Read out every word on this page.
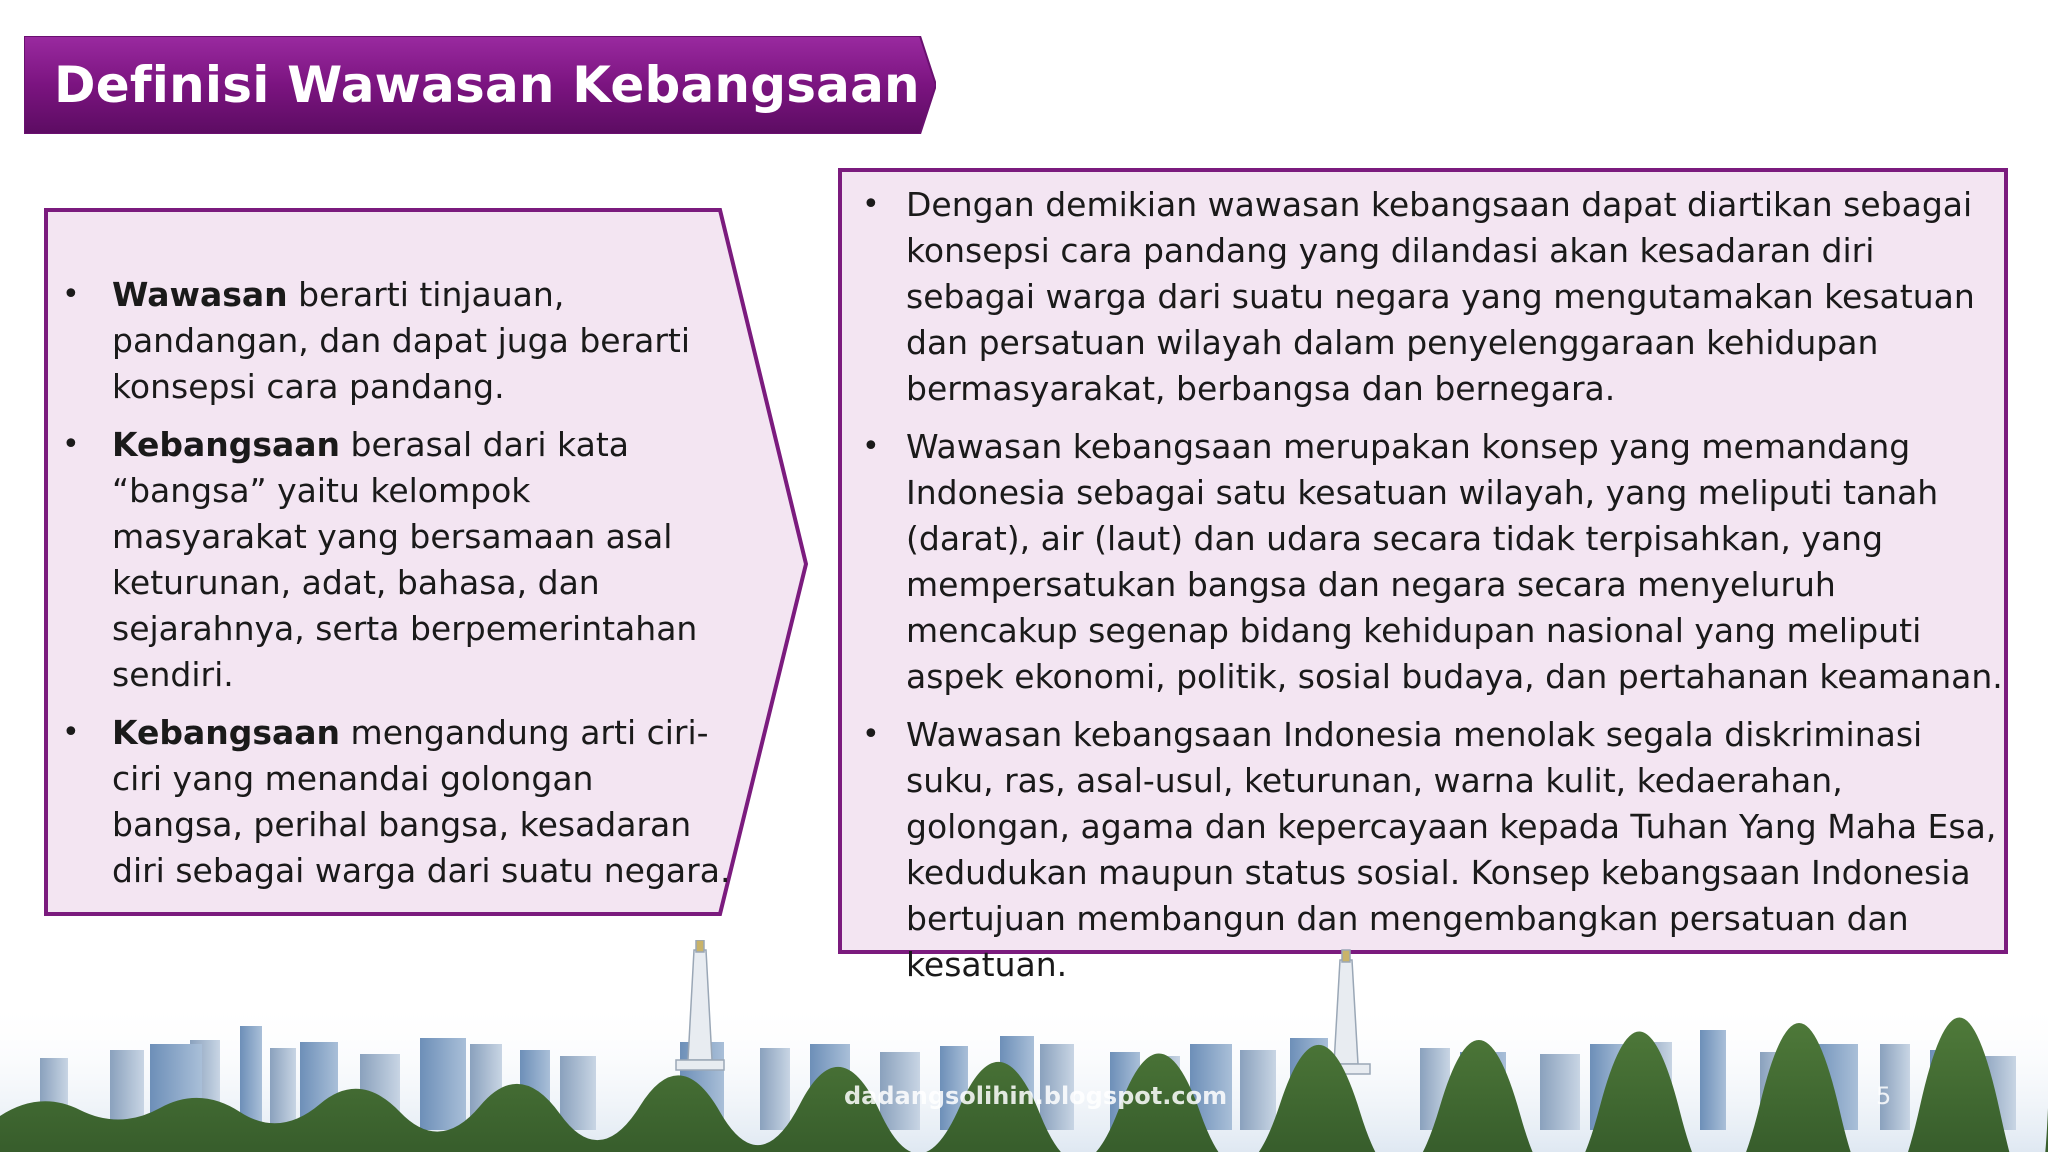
Definisi Wawasan Kebangsaan
• Wawasan berarti tinjauan, pandangan, dan dapat juga berarti konsepsi cara pandang.
• Kebangsaan berasal dari kata “bangsa” yaitu kelompok masyarakat yang bersamaan asal keturunan, adat, bahasa, dan sejarahnya, serta berpemerintahan sendiri.
• Kebangsaan mengandung arti ciri-ciri yang menandai golongan bangsa, perihal bangsa, kesadaran diri sebagai warga dari suatu negara.
• Dengan demikian wawasan kebangsaan dapat diartikan sebagai konsepsi cara pandang yang dilandasi akan kesadaran diri sebagai warga dari suatu negara yang mengutamakan kesatuan dan persatuan wilayah dalam penyelenggaraan kehidupan bermasyarakat, berbangsa dan bernegara.
• Wawasan kebangsaan merupakan konsep yang memandang Indonesia sebagai satu kesatuan wilayah, yang meliputi tanah (darat), air (laut) dan udara secara tidak terpisahkan, yang mempersatukan bangsa dan negara secara menyeluruh mencakup segenap bidang kehidupan nasional yang meliputi aspek ekonomi, politik, sosial budaya, dan pertahanan keamanan.
• Wawasan kebangsaan Indonesia menolak segala diskriminasi suku, ras, asal-usul, keturunan, warna kulit, kedaerahan, golongan, agama dan kepercayaan kepada Tuhan Yang Maha Esa, kedudukan maupun status sosial. Konsep kebangsaan Indonesia bertujuan membangun dan mengembangkan persatuan dan kesatuan.
dadangsolihin.blogspot.com	5
